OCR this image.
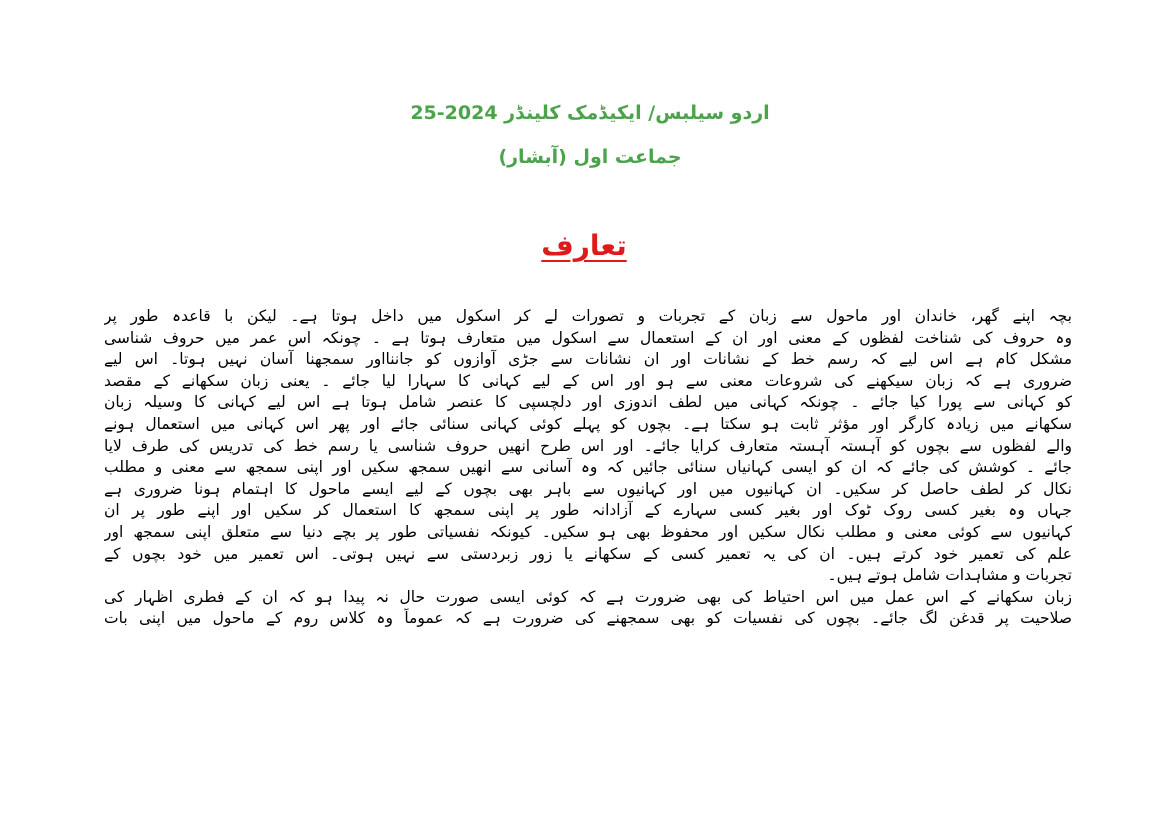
اردو سیلبس/ ایکیڈمک کلینڈر 2024-25
جماعت اول (آبشار)
تعارف
بچہ اپنے گھر، خاندان اور ماحول سے زبان کے تجربات و تصورات لے کر اسکول میں داخل ہوتا ہے۔ لیکن با قاعدہ طور پر
وہ حروف کی شناخت لفظوں کے معنی اور ان کے استعمال سے اسکول میں متعارف ہوتا ہے ۔ چونکہ اس عمر میں حروف شناسی
مشکل کام ہے اس لیے کہ رسم خط کے نشانات اور ان نشانات سے جڑی آوازوں کو جاننااور سمجھنا آسان نہیں ہوتا۔ اس لیے
ضروری ہے کہ زبان سیکھنے کی شروعات معنی سے ہو اور اس کے لیے کہانی کا سہارا لیا جائے ۔ یعنی زبان سکھانے کے مقصد
کو کہانی سے پورا کیا جائے ۔ چونکہ کہانی میں لطف اندوزی اور دلچسپی کا عنصر شامل ہوتا ہے اس لیے کہانی کا وسیلہ زبان
سکھانے میں زیادہ کارگر اور مؤثر ثابت ہو سکتا ہے۔ بچوں کو پہلے کوئی کہانی سنائی جائے اور پھر اس کہانی میں استعمال ہونے
والے لفظوں سے بچوں کو آہستہ آہستہ متعارف کرایا جائے۔ اور اس طرح انھیں حروف شناسی یا رسم خط کی تدریس کی طرف لایا
جائے ۔ کوشش کی جائے کہ ان کو ایسی کہانیاں سنائی جائیں کہ وہ آسانی سے انھیں سمجھ سکیں اور اپنی سمجھ سے معنی و مطلب
نکال کر لطف حاصل کر سکیں۔ ان کہانیوں میں اور کہانیوں سے باہر بھی بچوں کے لیے ایسے ماحول کا اہتمام ہونا ضروری ہے
جہاں وہ بغیر کسی روک ٹوک اور بغیر کسی سہارے کے آزادانہ طور پر اپنی سمجھ کا استعمال کر سکیں اور اپنے طور پر ان
کہانیوں سے کوئی معنی و مطلب نکال سکیں اور محفوظ بھی ہو سکیں۔ کیونکہ نفسیاتی طور پر بچے دنیا سے متعلق اپنی سمجھ اور
علم کی تعمیر خود کرتے ہیں۔ ان کی یہ تعمیر کسی کے سکھانے یا زور زبردستی سے نہیں ہوتی۔ اس تعمیر میں خود بچوں کے
تجربات و مشاہدات شامل ہوتے ہیں۔
زبان سکھانے کے اس عمل میں اس احتیاط کی بھی ضرورت ہے کہ کوئی ایسی صورت حال نہ پیدا ہو کہ ان کے فطری اظہار کی
صلاحیت پر قدغن لگ جائے۔ بچوں کی نفسیات کو بھی سمجھنے کی ضرورت ہے کہ عموماً وہ کلاس روم کے ماحول میں اپنی بات
